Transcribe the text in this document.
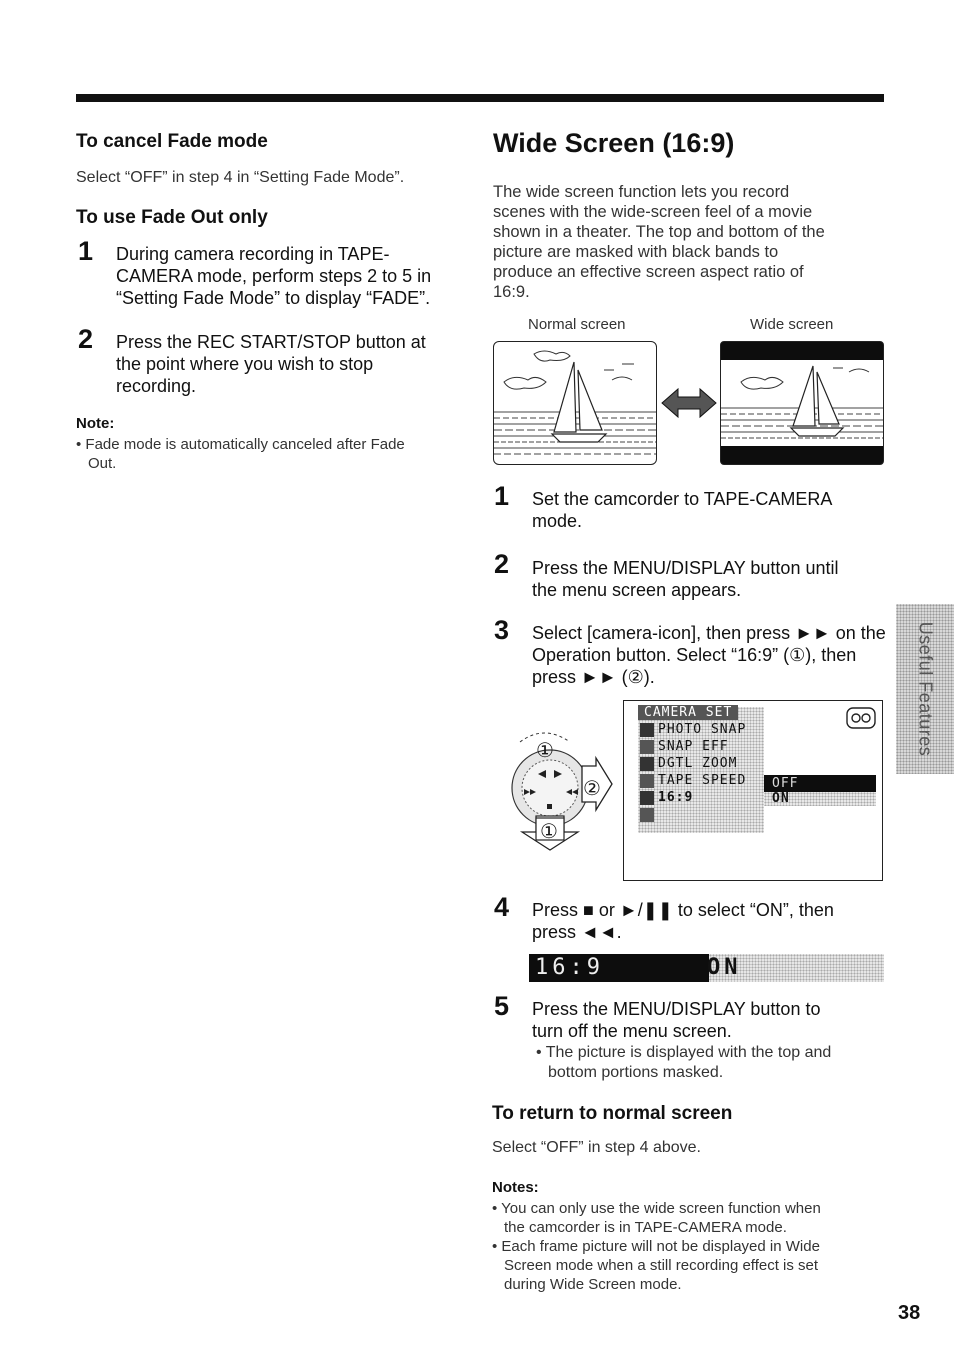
To cancel Fade mode
Select “OFF” in step 4 in “Setting Fade Mode”.
To use Fade Out only
1 During camera recording in TAPE-
CAMERA mode, perform steps 2 to 5 in
“Setting Fade Mode” to display “FADE”.
2 Press the REC START/STOP button at
the point where you wish to stop
recording.
Note:
• Fade mode is automatically canceled after Fade
Out.
Wide Screen (16:9)
The wide screen function lets you record
scenes with the wide-screen feel of a movie
shown in a theater. The top and bottom of the
picture are masked with black bands to
produce an effective screen aspect ratio of
16:9.
Normal screen	Wide screen
1 Set the camcorder to TAPE-CAMERA
mode.
2 Press the MENU/DISPLAY button until
the menu screen appears.
3 Select [camera-icon], then press ►► on the
Operation button. Select “16:9” (①), then
press ►► (②).
①
②
①
CAMERA SET
PHOTO SNAP
SNAP EFF
DGTL ZOOM
TAPE SPEED
16:9
OFF
ON
4 Press ■ or ►/❚❚ to select “ON”, then
press ◄◄.
16:9	ON
5 Press the MENU/DISPLAY button to
turn off the menu screen.
• The picture is displayed with the top and
bottom portions masked.
To return to normal screen
Select “OFF” in step 4 above.
Notes:
• You can only use the wide screen function when
the camcorder is in TAPE-CAMERA mode.
• Each frame picture will not be displayed in Wide
Screen mode when a still recording effect is set
during Wide Screen mode.
Useful Features
38
